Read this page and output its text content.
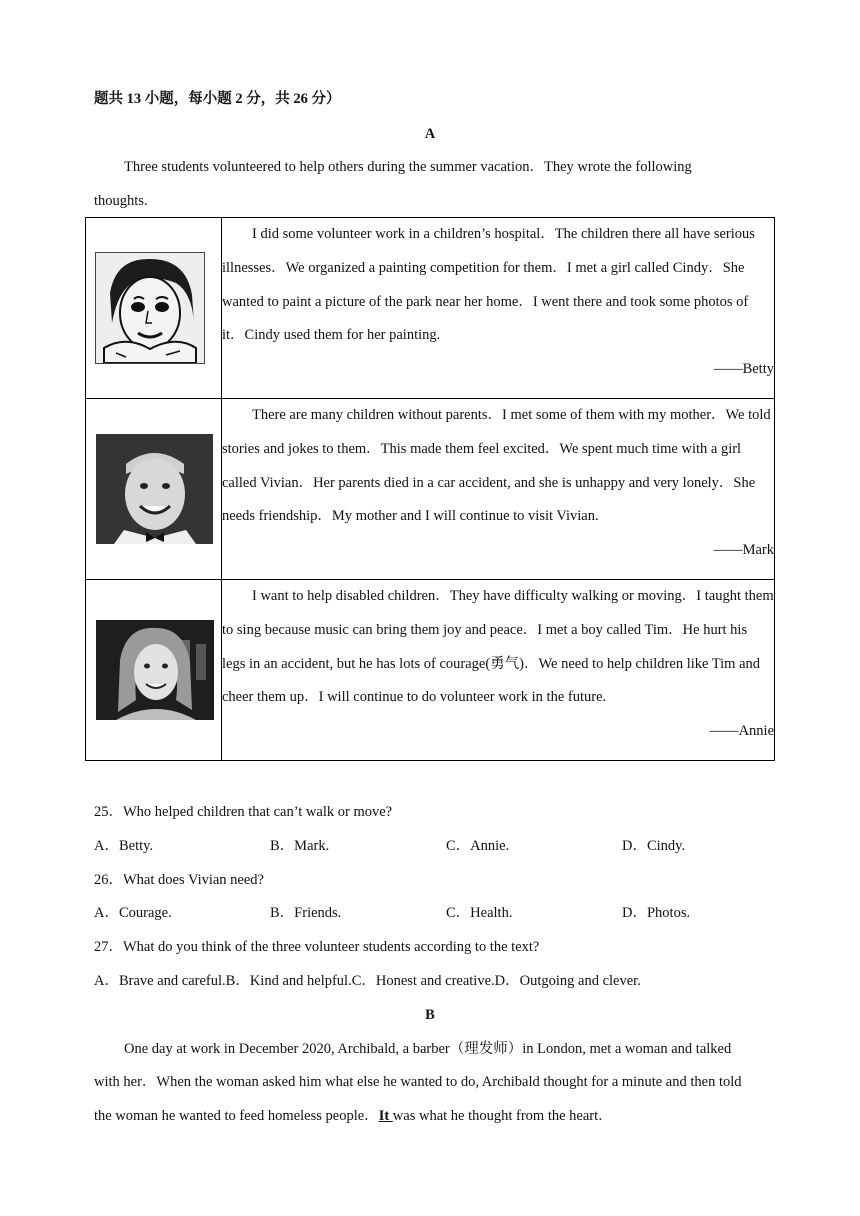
题共 13 小题，每小题 2 分，共 26 分）
A
Three students volunteered to help others during the summer vacation．They wrote the following
thoughts.

	I did some volunteer work in a children’s hospital．The children there all have serious illnesses．We organized a painting competition for them．I met a girl called Cindy．She wanted to paint a picture of the park near her home．I went there and took some photos of it．Cindy used them for her painting.

——Betty

	There are many children without parents．I met some of them with my mother．We told stories and jokes to them．This made them feel excited．We spent much time with a girl called Vivian．Her parents died in a car accident, and she is unhappy and very lonely．She needs friendship．My mother and I will continue to visit Vivian.

——Mark

	I want to help disabled children．They have difficulty walking or moving．I taught them to sing because music can bring them joy and peace．I met a boy called Tim．He hurt his legs in an accident, but he has lots of courage(勇气)．We need to help children like Tim and cheer them up．I will continue to do volunteer work in the future.

——Annie

25．Who helped children that can’t walk or move?
A．Betty.	B．Mark.	C．Annie.	D．Cindy.
26．What does Vivian need?
A．Courage.	B．Friends.	C．Health.	D．Photos.
27．What do you think of the three volunteer students according to the text?
A．Brave and careful.B．Kind and helpful.C．Honest and creative.D．Outgoing and clever.
B
One day at work in December 2020, Archibald, a barber（理发师）in London, met a woman and talked
with her．When the woman asked him what else he wanted to do, Archibald thought for a minute and then told
the woman he wanted to feed homeless people．It was what he thought from the heart．
